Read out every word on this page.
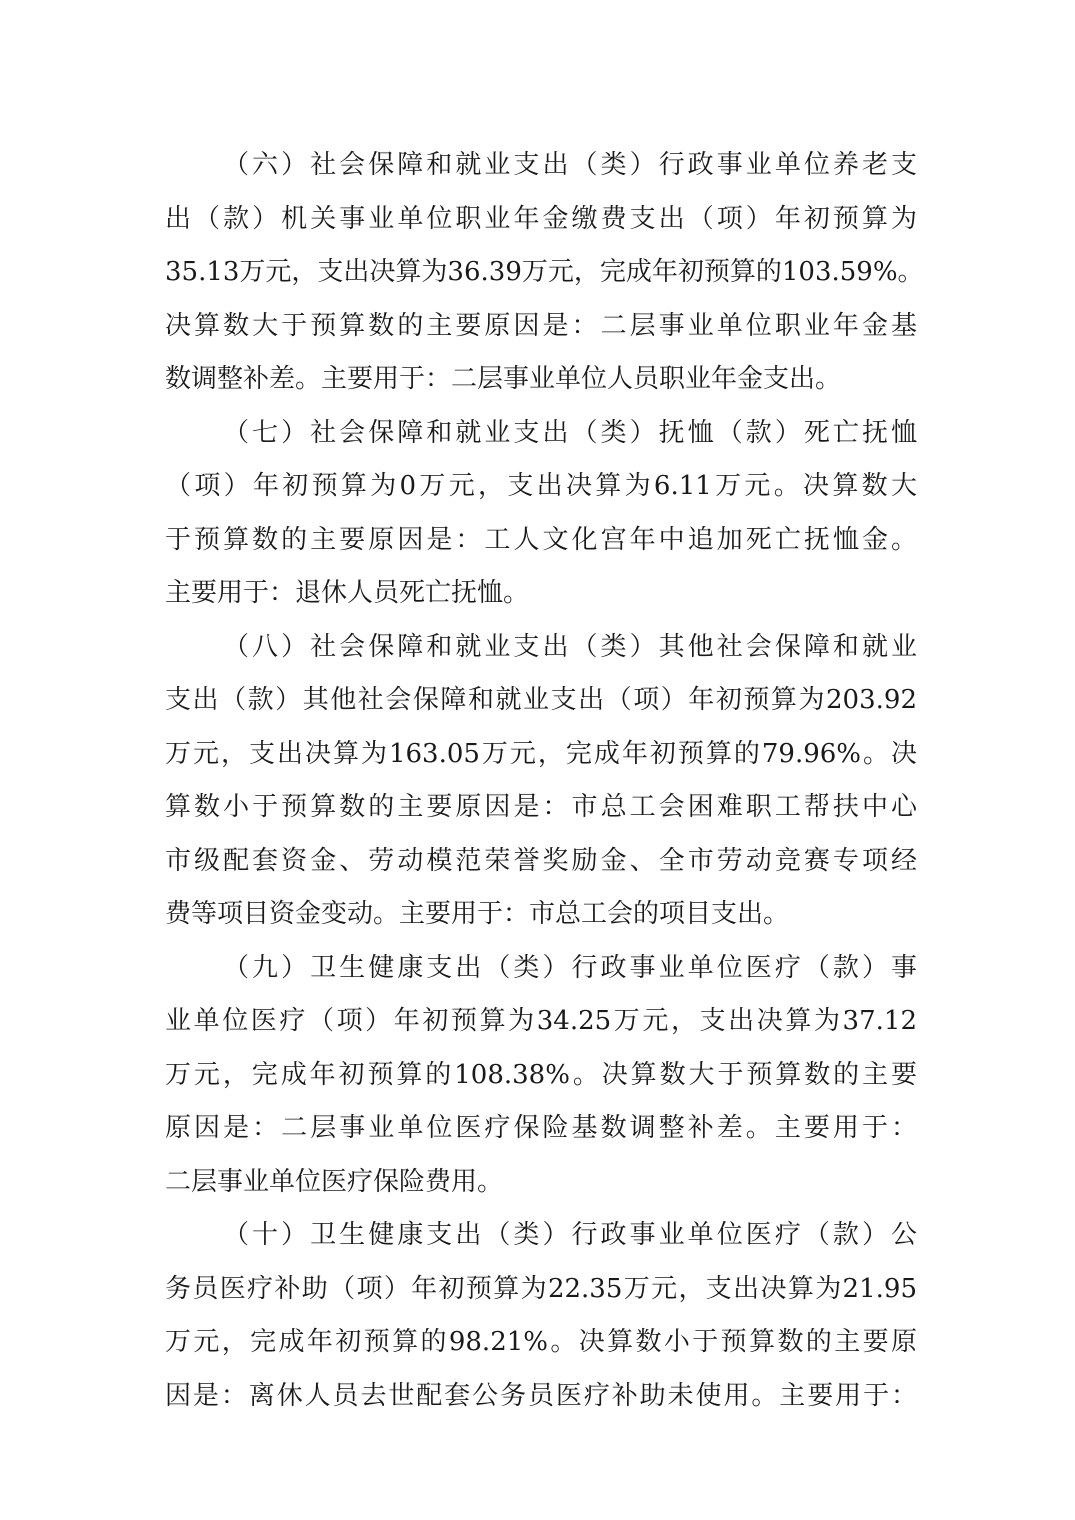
（六）社会保障和就业支出（类）行政事业单位养老支
出（款）机关事业单位职业年金缴费支出（项）年初预算为
35.13万元，支出决算为36.39万元，完成年初预算的103.59%。
决算数大于预算数的主要原因是：二层事业单位职业年金基
数调整补差。主要用于：二层事业单位人员职业年金支出。
（七）社会保障和就业支出（类）抚恤（款）死亡抚恤
（项）年初预算为0万元，支出决算为6.11万元。决算数大
于预算数的主要原因是：工人文化宫年中追加死亡抚恤金。
主要用于：退休人员死亡抚恤。
（八）社会保障和就业支出（类）其他社会保障和就业
支出（款）其他社会保障和就业支出（项）年初预算为203.92
万元，支出决算为163.05万元，完成年初预算的79.96%。决
算数小于预算数的主要原因是：市总工会困难职工帮扶中心
市级配套资金、劳动模范荣誉奖励金、全市劳动竞赛专项经
费等项目资金变动。主要用于：市总工会的项目支出。
（九）卫生健康支出（类）行政事业单位医疗（款）事
业单位医疗（项）年初预算为34.25万元，支出决算为37.12
万元，完成年初预算的108.38%。决算数大于预算数的主要
原因是：二层事业单位医疗保险基数调整补差。主要用于：
二层事业单位医疗保险费用。
（十）卫生健康支出（类）行政事业单位医疗（款）公
务员医疗补助（项）年初预算为22.35万元，支出决算为21.95
万元，完成年初预算的98.21%。决算数小于预算数的主要原
因是：离休人员去世配套公务员医疗补助未使用。主要用于：
